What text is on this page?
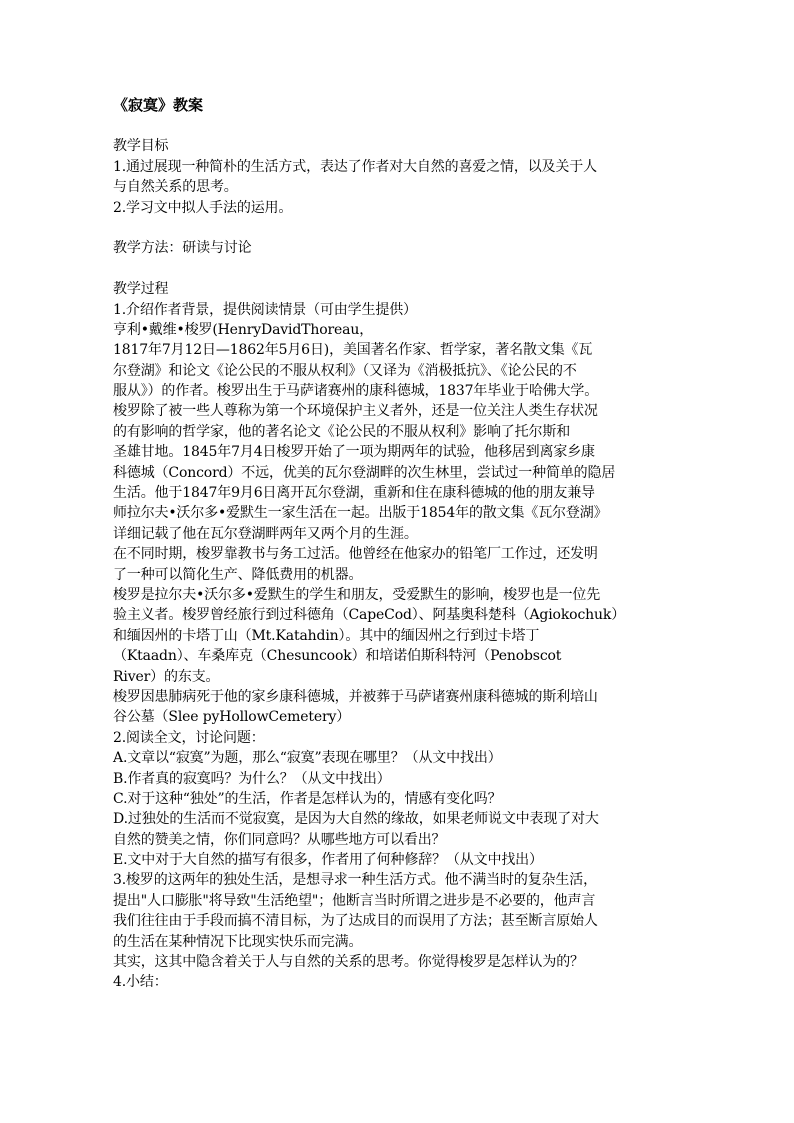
《寂寞》教案
教学目标
1.通过展现一种简朴的生活方式，表达了作者对大自然的喜爱之情，以及关于人
与自然关系的思考。
2.学习文中拟人手法的运用。
教学方法：研读与讨论
教学过程
1.介绍作者背景，提供阅读情景（可由学生提供）
亨利•戴维•梭罗(HenryDavidThoreau，
1817年7月12日—1862年5月6日)，美国著名作家、哲学家，著名散文集《瓦
尔登湖》和论文《论公民的不服从权利》（又译为《消极抵抗》、《论公民的不
服从》）的作者。梭罗出生于马萨诸赛州的康科德城，1837年毕业于哈佛大学。
梭罗除了被一些人尊称为第一个环境保护主义者外，还是一位关注人类生存状况
的有影响的哲学家，他的著名论文《论公民的不服从权利》影响了托尔斯和
圣雄甘地。1845年7月4日梭罗开始了一项为期两年的试验，他移居到离家乡康
科德城（Concord）不远，优美的瓦尔登湖畔的次生林里，尝试过一种简单的隐居
生活。他于1847年9月6日离开瓦尔登湖，重新和住在康科德城的他的朋友兼导
师拉尔夫•沃尔多•爱默生一家生活在一起。出版于1854年的散文集《瓦尔登湖》
详细记载了他在瓦尔登湖畔两年又两个月的生涯。
在不同时期，梭罗靠教书与务工过活。他曾经在他家办的铅笔厂工作过，还发明
了一种可以简化生产、降低费用的机器。
梭罗是拉尔夫•沃尔多•爱默生的学生和朋友，受爱默生的影响，梭罗也是一位先
验主义者。梭罗曾经旅行到过科德角（CapeCod）、阿基奥科楚科（Agiokochuk）
和缅因州的卡塔丁山（Mt.Katahdin）。其中的缅因州之行到过卡塔丁
（Ktaadn）、车桑库克（Chesuncook）和培诺伯斯科特河（Penobscot
River）的东支。
梭罗因患肺病死于他的家乡康科德城，并被葬于马萨诸赛州康科德城的斯利培山
谷公墓（Slee pyHollowCemetery）
2.阅读全文，讨论问题：
A.文章以“寂寞”为题，那么“寂寞”表现在哪里？（从文中找出）
B.作者真的寂寞吗？为什么？（从文中找出）
C.对于这种“独处”的生活，作者是怎样认为的，情感有变化吗？
D.过独处的生活而不觉寂寞，是因为大自然的缘故，如果老师说文中表现了对大
自然的赞美之情，你们同意吗？从哪些地方可以看出？
E.文中对于大自然的描写有很多，作者用了何种修辞？（从文中找出）
3.梭罗的这两年的独处生活，是想寻求一种生活方式。他不满当时的复杂生活，
提出"人口膨胀"将导致"生活绝望"；他断言当时所谓之进步是不必要的，他声言
我们往往由于手段而搞不清目标，为了达成目的而误用了方法；甚至断言原始人
的生活在某种情况下比现实快乐而完满。
其实，这其中隐含着关于人与自然的关系的思考。你觉得梭罗是怎样认为的？
4.小结：
